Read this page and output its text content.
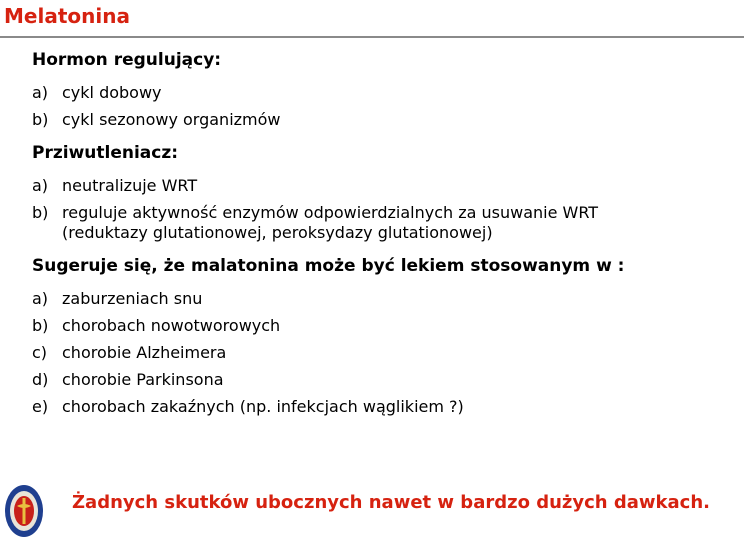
Melatonina
Hormon regulujący:
a) cykl dobowy
b) cykl sezonowy organizmów
Prziwutleniacz:
a) neutralizuje WRT
b) reguluje aktywność enzymów odpowierdzialnych za usuwanie WRT
(reduktazy glutationowej, peroksydazy glutationowej)
Sugeruje się, że malatonina może być lekiem stosowanym w :
a) zaburzeniach snu
b) chorobach nowotworowych
c) chorobie Alzheimera
d) chorobie Parkinsona
e) chorobach zakaźnych (np. infekcjach wąglikiem ?)
Żadnych skutków ubocznych nawet w bardzo dużych dawkach.
